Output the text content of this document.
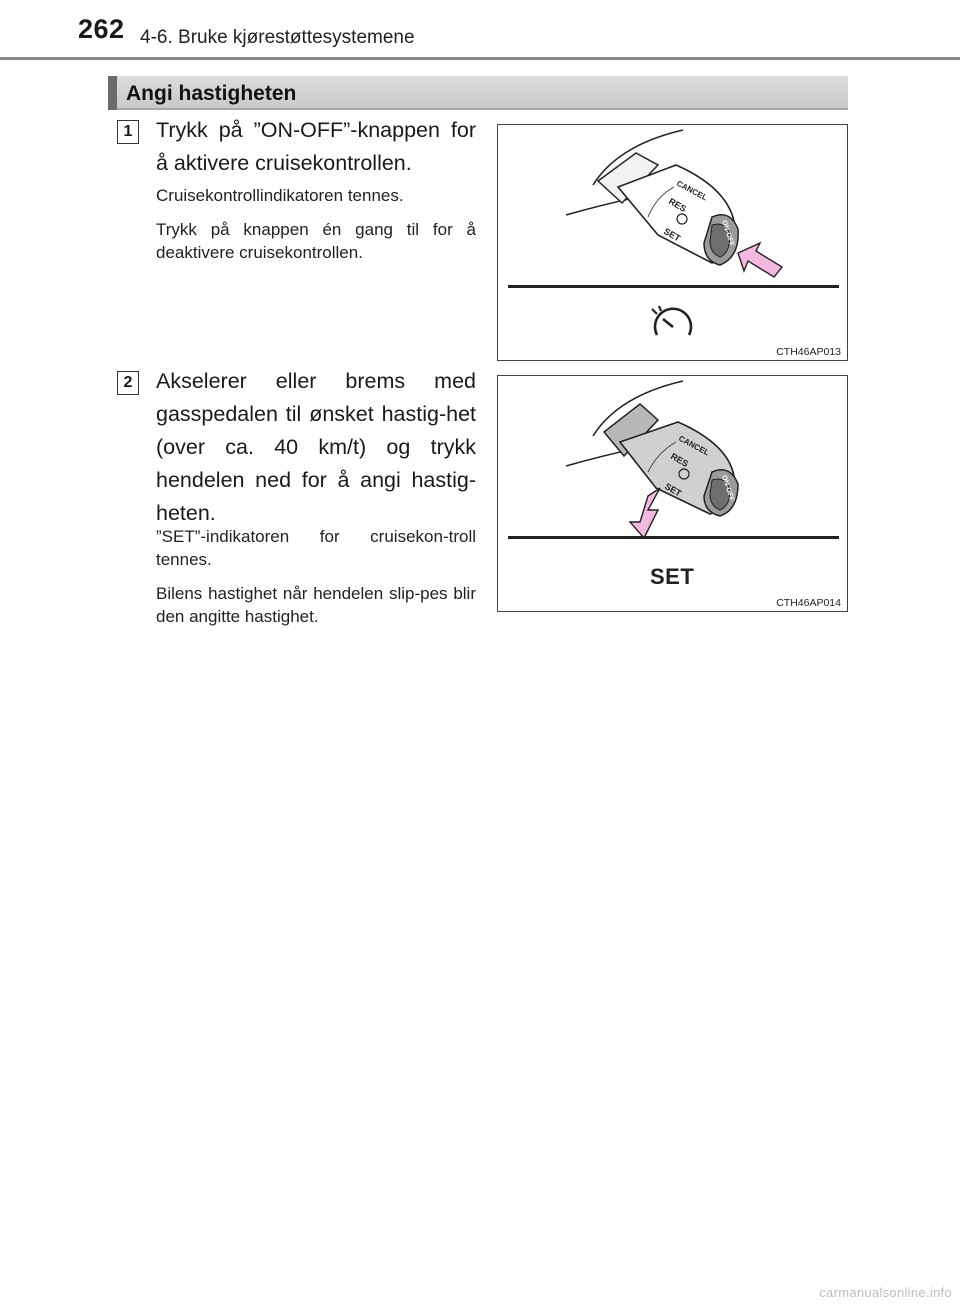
262 4-6. Bruke kjørestøttesystemene
Angi hastigheten
1	Trykk på ”ON-OFF”-knappen for å aktivere cruisekontrollen.
Cruisekontrollindikatoren tennes.
Trykk på knappen én gang til for å deaktivere cruisekontrollen.
CANCEL
RES
SET	ON-OFF
CTH46AP013
2	Akselerer eller brems med gasspedalen til ønsket hastig-het (over ca. 40 km/t) og trykk hendelen ned for å angi hastig-heten.
”SET”-indikatoren for cruisekon-troll tennes.
Bilens hastighet når hendelen slip-pes blir den angitte hastighet.
CANCEL
RES
SET	ON-OFF
SET
CTH46AP014
carmanualsonline.info
